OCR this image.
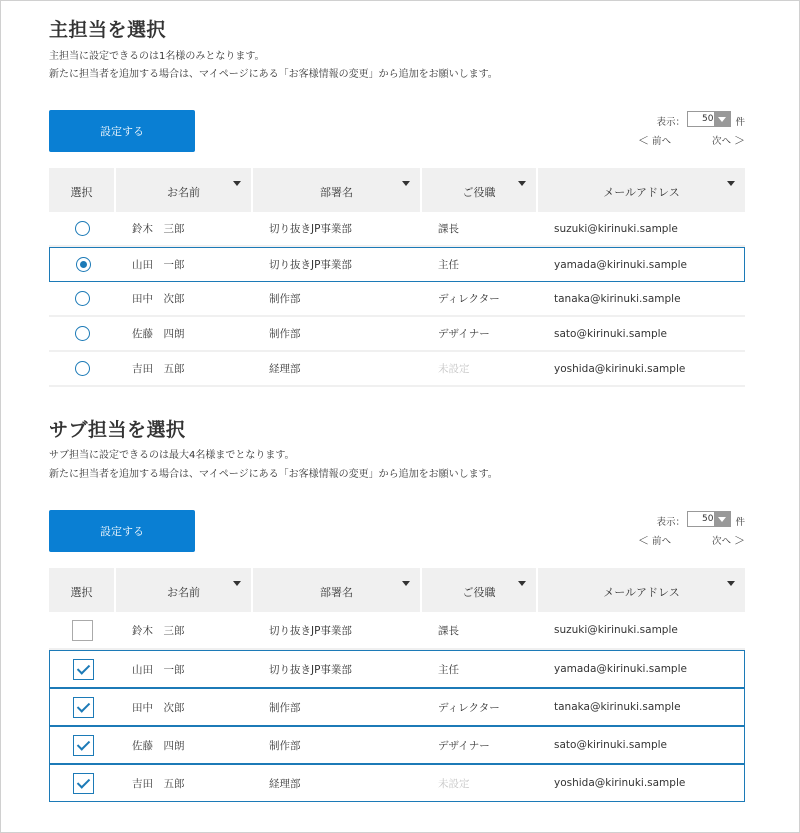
主担当を選択
主担当に設定できるのは1名様のみとなります。
新たに担当者を追加する場合は、マイページにある「お客様情報の変更」から追加をお願いします。
設定する
表示： 50 件
＜ 前へ	次へ ＞
選択	お名前	部署名	ご役職	メールアドレス

	鈴木　三郎	切り抜きJP事業部	課長	suzuki@kirinuki.sample
	山田　一郎	切り抜きJP事業部	主任	yamada@kirinuki.sample
	田中　次郎	制作部	ディレクター	tanaka@kirinuki.sample
	佐藤　四朗	制作部	デザイナー	sato@kirinuki.sample
	吉田　五郎	経理部	未設定	yoshida@kirinuki.sample
サブ担当を選択
サブ担当に設定できるのは最大4名様までとなります。
新たに担当者を追加する場合は、マイページにある「お客様情報の変更」から追加をお願いします。
設定する
表示： 50 件
＜ 前へ	次へ ＞
選択	お名前	部署名	ご役職	メールアドレス

	鈴木　三郎	切り抜きJP事業部	課長	suzuki@kirinuki.sample
	山田　一郎	切り抜きJP事業部	主任	yamada@kirinuki.sample
	田中　次郎	制作部	ディレクター	tanaka@kirinuki.sample
	佐藤　四朗	制作部	デザイナー	sato@kirinuki.sample
	吉田　五郎	経理部	未設定	yoshida@kirinuki.sample
